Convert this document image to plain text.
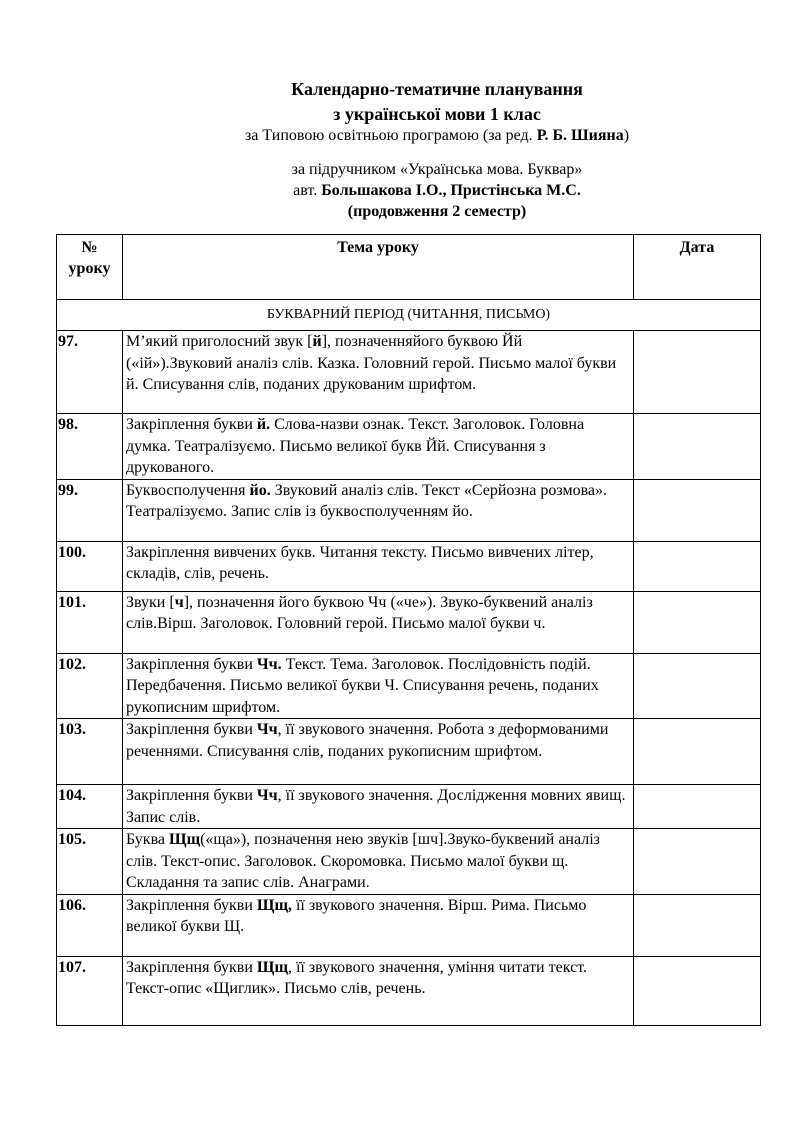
Календарно-тематичне планування
з української мови 1 клас
за Типовою освітньою програмою (за ред. Р. Б. Шияна)
за підручником «Українська мова. Буквар»
авт. Большакова І.О., Пристінська М.С.
(продовження 2 семестр)
№
уроку	Тема уроку	Дата
БУКВАРНИЙ ПЕРІОД (ЧИТАННЯ, ПИСЬМО)		
97.	М’який приголосний звук [й], позначенняйого буквою Йй («ій»).Звуковий аналіз слів. Казка. Головний герой. Письмо малої букви й. Списування слів, поданих друкованим шрифтом.	
98.	Закріплення букви й. Слова-назви ознак. Текст. Заголовок. Головна думка. Театралізуємо. Письмо великої букв Йй. Списування з друкованого.	
99.	Буквосполучення йо. Звуковий аналіз слів. Текст «Серйозна розмова». Театралізуємо. Запис слів із буквосполученням йо.	
100.	Закріплення вивчених букв. Читання тексту. Письмо вивчених літер, складів, слів, речень.	
101.	Звуки [ч], позначення його буквою Чч («че»). Звуко-буквений аналіз слів.Вірш. Заголовок. Головний герой. Письмо малої букви ч.	
102.	Закріплення букви Чч. Текст. Тема. Заголовок. Послідовність подій. Передбачення. Письмо великої букви Ч. Списування речень, поданих рукописним шрифтом.	
103.	Закріплення букви Чч, її звукового значення. Робота з деформованими реченнями. Списування слів, поданих рукописним шрифтом.	
104.	Закріплення букви Чч, її звукового значення. Дослідження мовних явищ. Запис слів.	
105.	Буква Щщ(«ща»), позначення нею звуків [шч].Звуко-буквений аналіз слів. Текст-опис. Заголовок. Скоромовка. Письмо малої букви щ. Складання та запис слів. Анаграми.	
106.	Закріплення букви Щщ, її звукового значення. Вірш. Рима. Письмо великої букви Щ.	
107.	Закріплення букви Щщ, її звукового значення, уміння читати текст. Текст-опис «Щиглик». Письмо слів, речень.	
